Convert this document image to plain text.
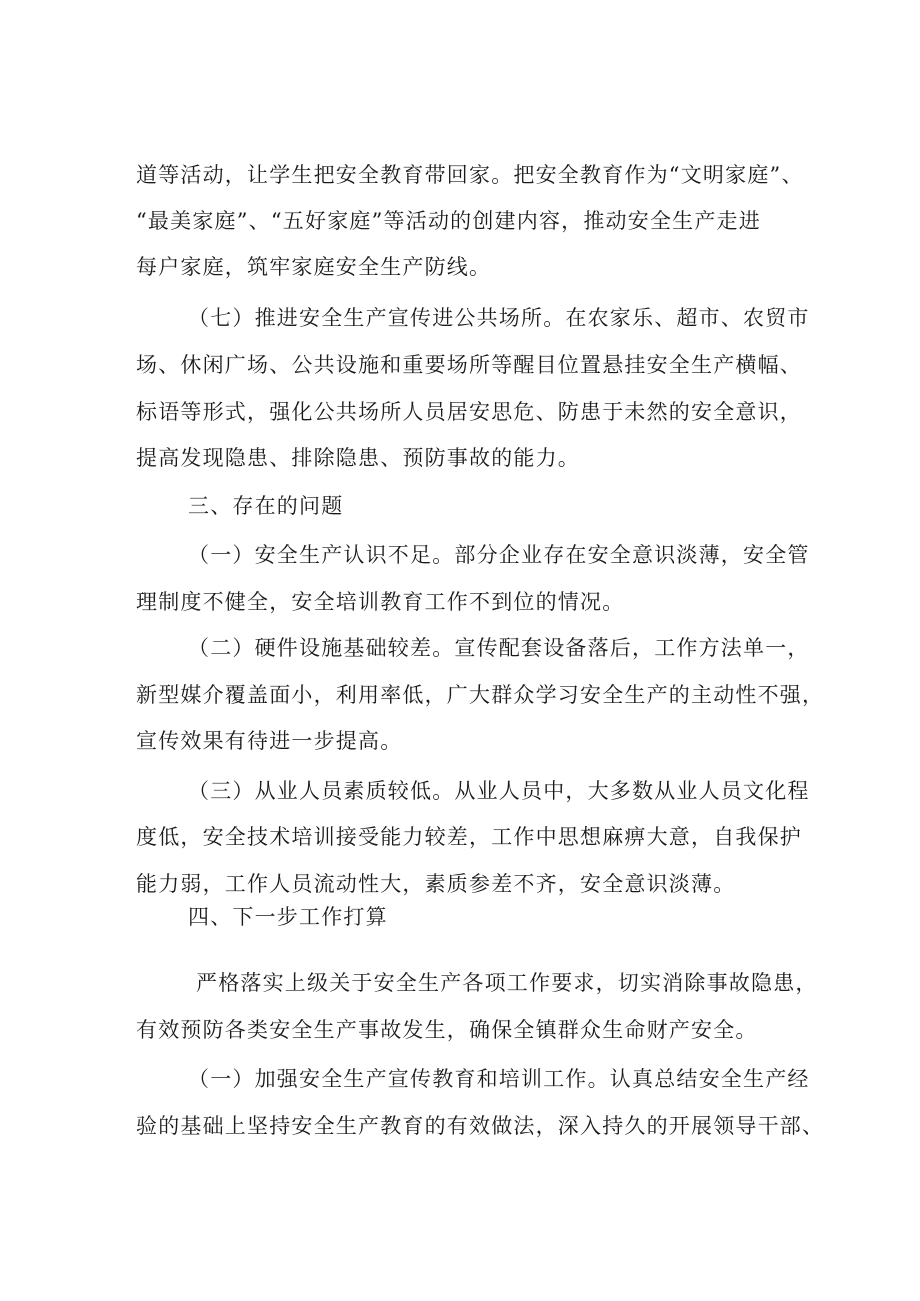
道等活动，让学生把安全教育带回家。把安全教育作为“文明家庭”、
“最美家庭”、“五好家庭”等活动的创建内容，推动安全生产走进
每户家庭，筑牢家庭安全生产防线。
（七）推进安全生产宣传进公共场所。在农家乐、超市、农贸市
场、休闲广场、公共设施和重要场所等醒目位置悬挂安全生产横幅、
标语等形式，强化公共场所人员居安思危、防患于未然的安全意识，
提高发现隐患、排除隐患、预防事故的能力。
三、存在的问题
（一）安全生产认识不足。部分企业存在安全意识淡薄，安全管
理制度不健全，安全培训教育工作不到位的情况。
（二）硬件设施基础较差。宣传配套设备落后，工作方法单一，
新型媒介覆盖面小，利用率低，广大群众学习安全生产的主动性不强，
宣传效果有待进一步提高。
（三）从业人员素质较低。从业人员中，大多数从业人员文化程
度低，安全技术培训接受能力较差，工作中思想麻痹大意，自我保护
能力弱，工作人员流动性大，素质参差不齐，安全意识淡薄。
四、下一步工作打算
严格落实上级关于安全生产各项工作要求，切实消除事故隐患，
有效预防各类安全生产事故发生，确保全镇群众生命财产安全。
（一）加强安全生产宣传教育和培训工作。认真总结安全生产经
验的基础上坚持安全生产教育的有效做法，深入持久的开展领导干部、
